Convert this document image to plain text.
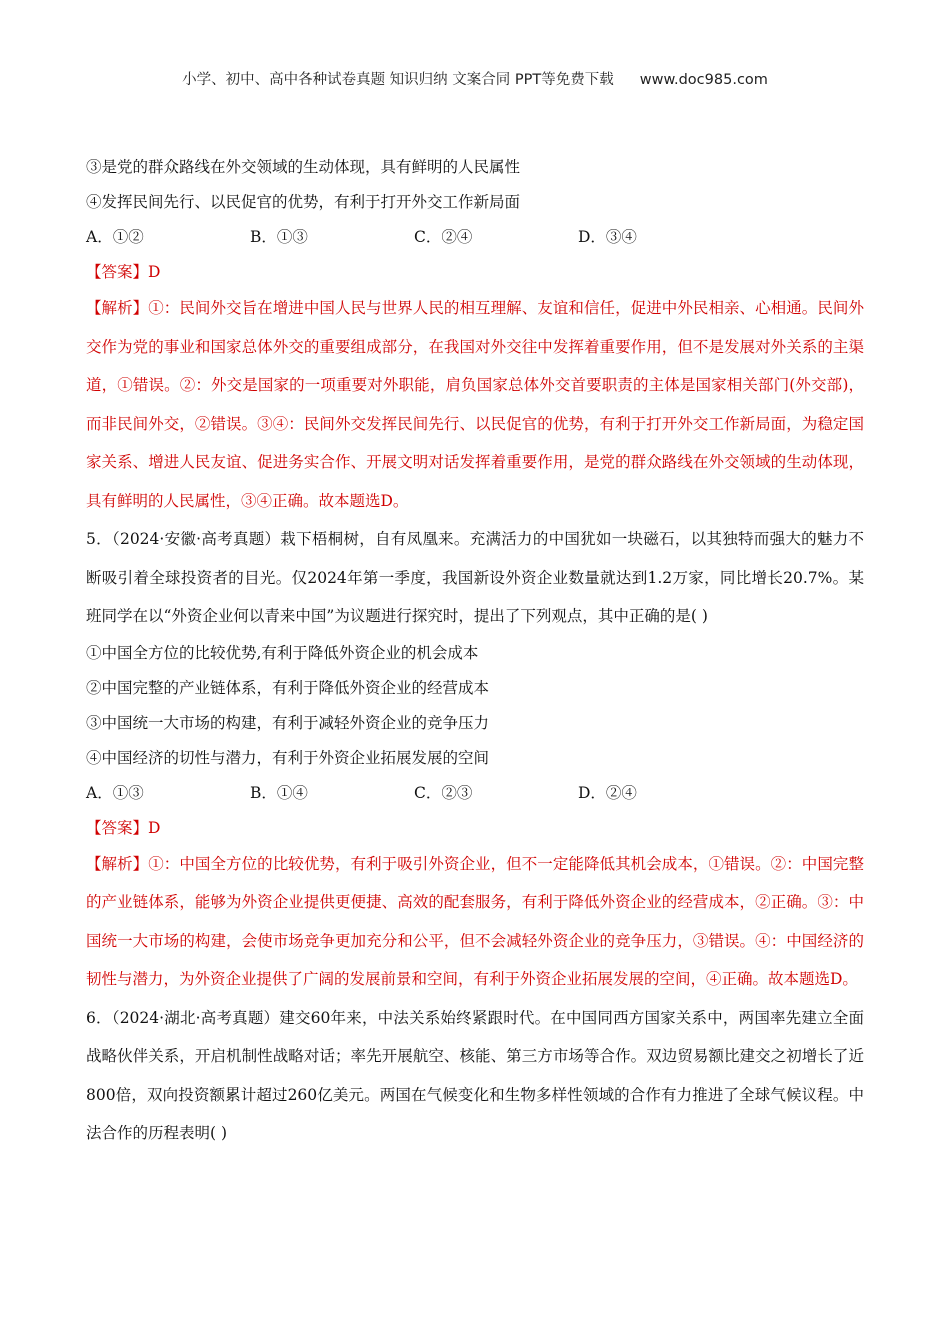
小学、初中、高中各种试卷真题 知识归纳 文案合同 PPT等免费下载 www.doc985.com
③是党的群众路线在外交领域的生动体现，具有鲜明的人民属性
④发挥民间先行、以民促官的优势，有利于打开外交工作新局面
A．①②	B．①③	C．②④	D．③④
【答案】D
【解析】①：民间外交旨在增进中国人民与世界人民的相互理解、友谊和信任，促进中外民相亲、心相通。民间外交作为党的事业和国家总体外交的重要组成部分，在我国对外交往中发挥着重要作用，但不是发展对外关系的主渠道，①错误。②：外交是国家的一项重要对外职能，肩负国家总体外交首要职责的主体是国家相关部门(外交部)，而非民间外交，②错误。③④：民间外交发挥民间先行、以民促官的优势，有利于打开外交工作新局面，为稳定国家关系、增进人民友谊、促进务实合作、开展文明对话发挥着重要作用，是党的群众路线在外交领域的生动体现，具有鲜明的人民属性，③④正确。故本题选D。
5．（2024·安徽·高考真题）栽下梧桐树，自有凤凰来。充满活力的中国犹如一块磁石，以其独特而强大的魅力不断吸引着全球投资者的目光。仅2024年第一季度，我国新设外资企业数量就达到1.2万家，同比增长20.7%。某班同学在以“外资企业何以青来中国”为议题进行探究时，提出了下列观点，其中正确的是( )
①中国全方位的比较优势,有利于降低外资企业的机会成本
②中国完整的产业链体系，有利于降低外资企业的经营成本
③中国统一大市场的构建，有利于减轻外资企业的竞争压力
④中国经济的切性与潜力，有利于外资企业拓展发展的空间
A．①③	B．①④	C．②③	D．②④
【答案】D
【解析】①：中国全方位的比较优势，有利于吸引外资企业，但不一定能降低其机会成本，①错误。②：中国完整的产业链体系，能够为外资企业提供更便捷、高效的配套服务，有利于降低外资企业的经营成本，②正确。③：中国统一大市场的构建，会使市场竞争更加充分和公平，但不会减轻外资企业的竞争压力，③错误。④：中国经济的韧性与潜力，为外资企业提供了广阔的发展前景和空间，有利于外资企业拓展发展的空间，④正确。故本题选D。
6．（2024·湖北·高考真题）建交60年来，中法关系始终紧跟时代。在中国同西方国家关系中，两国率先建立全面战略伙伴关系，开启机制性战略对话；率先开展航空、核能、第三方市场等合作。双边贸易额比建交之初增长了近800倍，双向投资额累计超过260亿美元。两国在气候变化和生物多样性领域的合作有力推进了全球气候议程。中法合作的历程表明( )
